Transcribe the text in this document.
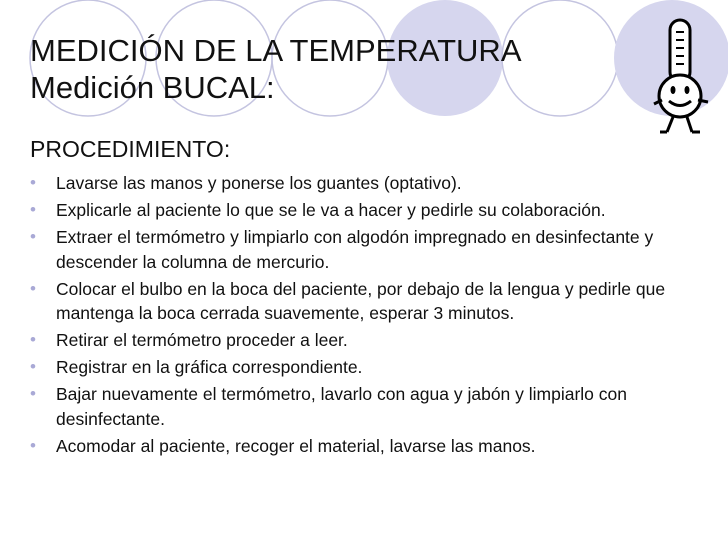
MEDICIÓN DE LA TEMPERATURA
Medición BUCAL:
PROCEDIMIENTO:
• Lavarse las manos y ponerse los guantes (optativo).
• Explicarle al paciente lo que se le va a hacer y pedirle su colaboración.
• Extraer el termómetro y limpiarlo con algodón impregnado en desinfectante y descender la columna de mercurio.
• Colocar el bulbo en la boca del paciente, por debajo de la lengua y pedirle que mantenga la boca cerrada suavemente, esperar 3 minutos.
• Retirar el termómetro proceder a leer.
• Registrar en la gráfica correspondiente.
• Bajar nuevamente el termómetro, lavarlo con agua y jabón y limpiarlo con desinfectante.
• Acomodar al paciente, recoger el material, lavarse las manos.
